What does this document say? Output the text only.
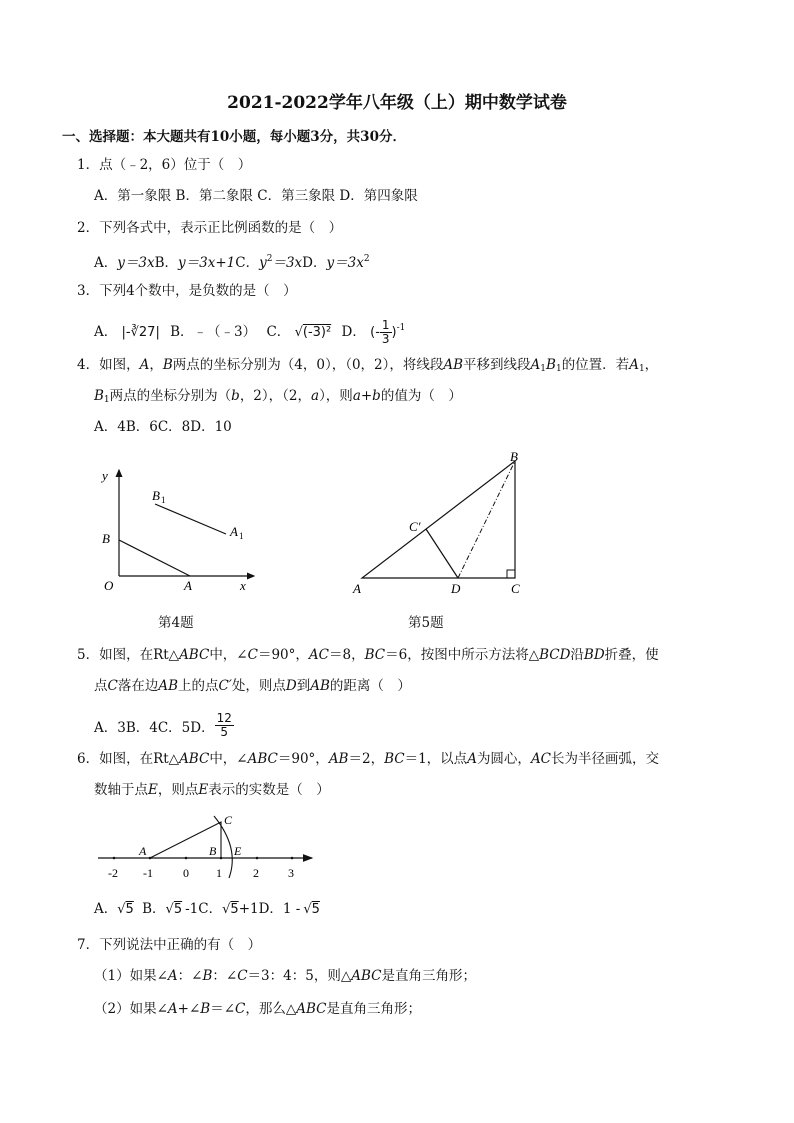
2021-2022学年八年级（上）期中数学试卷
一、选择题：本大题共有10小题，每小题3分，共30分．
1．点（﹣2，6）位于（　）
A．第一象限 B．第二象限 C．第三象限 D．第四象限
2．下列各式中，表示正比例函数的是（　）
A．y＝3xB．y＝3x+1C．$y^2=3xD$．$y=3x^2$
3．下列4个数中，是负数的是（　）
A． |-∛27| B．﹣（﹣3） C． √(-3)² D． (- $\frac{1}{3} )^{-1}$
4．如图，A，B两点的坐标分别为（4，0），（0，2），将线段AB平移到线段$A_1B_1$的位置．若$A_1$，
$B_1$两点的坐标分别为（b，2），（2，a），则a+b的值为（　）
A．4B．6C．8D．10
y
x
O	A
B
B 1
A 1
第4题
A
B
C
D
C′
第5题
5．如图，在Rt△ABC中，∠C＝90°，AC＝8，BC＝6，按图中所示方法将△BCD沿BD折叠，使
点C落在边AB上的点C′处，则点D到AB的距离（　）
A．3B．4C．5D． $\frac{12}{5}$
6．如图，在Rt△ABC中，∠ABC＝90°，AB＝2，BC＝1，以点A为圆心，AC长为半径画弧，交
数轴于点E，则点E表示的实数是（　）
-2 -1	0 1	2 3
A	B
C
E
A．√5 B．√5 -1C．√5+1D．1 - √5
7．下列说法中正确的有（　）
（1）如果∠A：∠B：∠C＝3：4：5，则△ABC是直角三角形；
（2）如果∠A+∠B＝∠C，那么△ABC是直角三角形；
